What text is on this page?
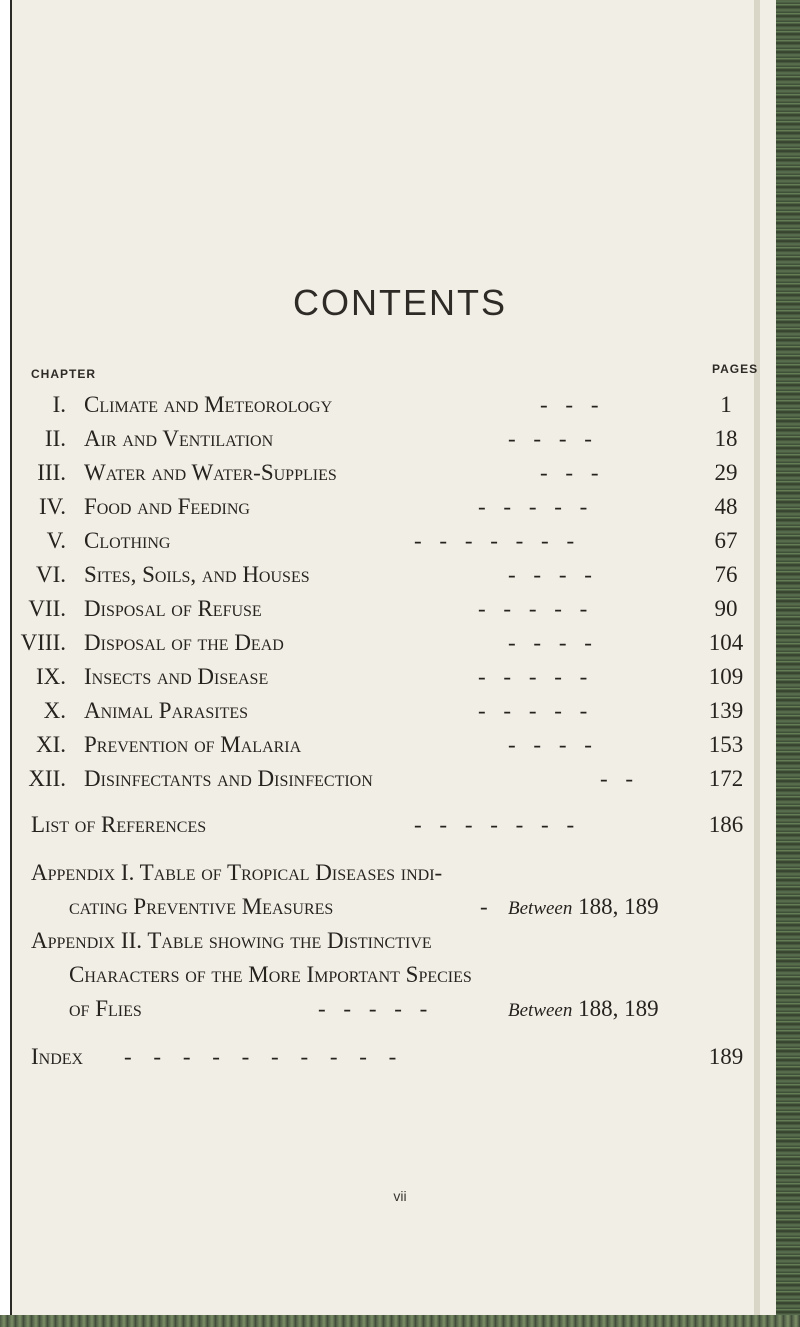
CONTENTS
CHAPTER	PAGES
I. Climate and Meteorology	- - -	1
II. Air and Ventilation	- - - -	18
III. Water and Water-Supplies	- - -	29
IV. Food and Feeding	- - - - -	48
V. Clothing	- - - - - - -	67
VI. Sites, Soils, and Houses	- - - -	76
VII. Disposal of Refuse	- - - - -	90
VIII. Disposal of the Dead	- - - -	104
IX. Insects and Disease	- - - - -	109
X. Animal Parasites	- - - - -	139
XI. Prevention of Malaria	- - - -	153
XII. Disinfectants and Disinfection	- -	172
List of References	- - - - - - -	186
Appendix I. Table of Tropical Diseases indi-
cating Preventive Measures	- Between 188, 189
Appendix II. Table showing the Distinctive
Characters of the More Important Species
of Flies	- - - - -	Between 188, 189
Index - - - - - - - - - -	189
vii
